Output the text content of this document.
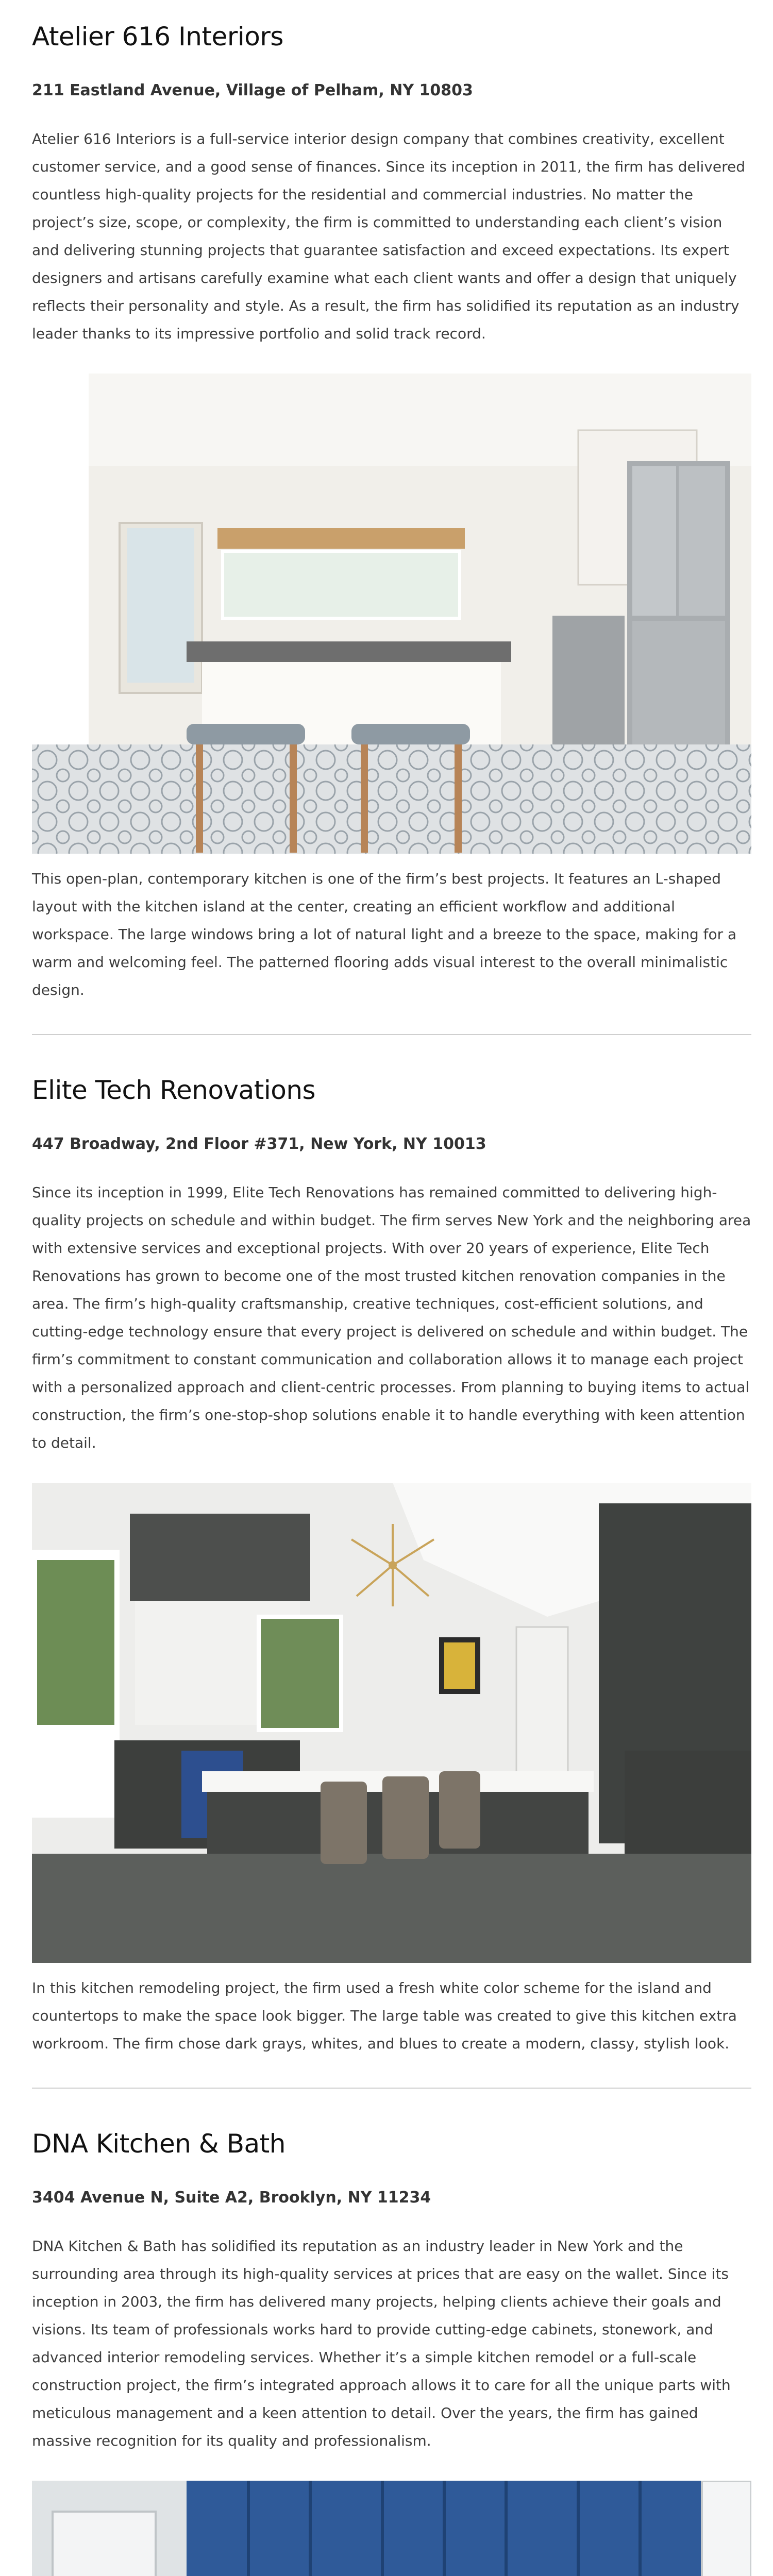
Atelier 616 Interiors

211 Eastland Avenue, Village of Pelham, NY 10803

Atelier 616 Interiors is a full-service interior design company that combines creativity, excellent customer service, and a good sense of finances. Since its inception in 2011, the firm has delivered countless high-quality projects for the residential and commercial industries. No matter the project’s size, scope, or complexity, the firm is committed to understanding each client’s vision and delivering stunning projects that guarantee satisfaction and exceed expectations. Its expert designers and artisans carefully examine what each client wants and offer a design that uniquely reflects their personality and style. As a result, the firm has solidified its reputation as an industry leader thanks to its impressive portfolio and solid track record.

This open-plan, contemporary kitchen is one of the firm’s best projects. It features an L-shaped layout with the kitchen island at the center, creating an efficient workflow and additional workspace. The large windows bring a lot of natural light and a breeze to the space, making for a warm and welcoming feel. The patterned flooring adds visual interest to the overall minimalistic design.

Elite Tech Renovations

447 Broadway, 2nd Floor #371, New York, NY 10013

Since its inception in 1999, Elite Tech Renovations has remained committed to delivering high-quality projects on schedule and within budget. The firm serves New York and the neighboring area with extensive services and exceptional projects. With over 20 years of experience, Elite Tech Renovations has grown to become one of the most trusted kitchen renovation companies in the area. The firm’s high-quality craftsmanship, creative techniques, cost-efficient solutions, and cutting-edge technology ensure that every project is delivered on schedule and within budget. The firm’s commitment to constant communication and collaboration allows it to manage each project with a personalized approach and client-centric processes. From planning to buying items to actual construction, the firm’s one-stop-shop solutions enable it to handle everything with keen attention to detail.

In this kitchen remodeling project, the firm used a fresh white color scheme for the island and countertops to make the space look bigger. The large table was created to give this kitchen extra workroom. The firm chose dark grays, whites, and blues to create a modern, classy, stylish look.

DNA Kitchen & Bath

3404 Avenue N, Suite A2, Brooklyn, NY 11234

DNA Kitchen & Bath has solidified its reputation as an industry leader in New York and the surrounding area through its high-quality services at prices that are easy on the wallet. Since its inception in 2003, the firm has delivered many projects, helping clients achieve their goals and visions. Its team of professionals works hard to provide cutting-edge cabinets, stonework, and advanced interior remodeling services. Whether it’s a simple kitchen remodel or a full-scale construction project, the firm’s integrated approach allows it to care for all the unique parts with meticulous management and a keen attention to detail. Over the years, the firm has gained massive recognition for its quality and professionalism.
